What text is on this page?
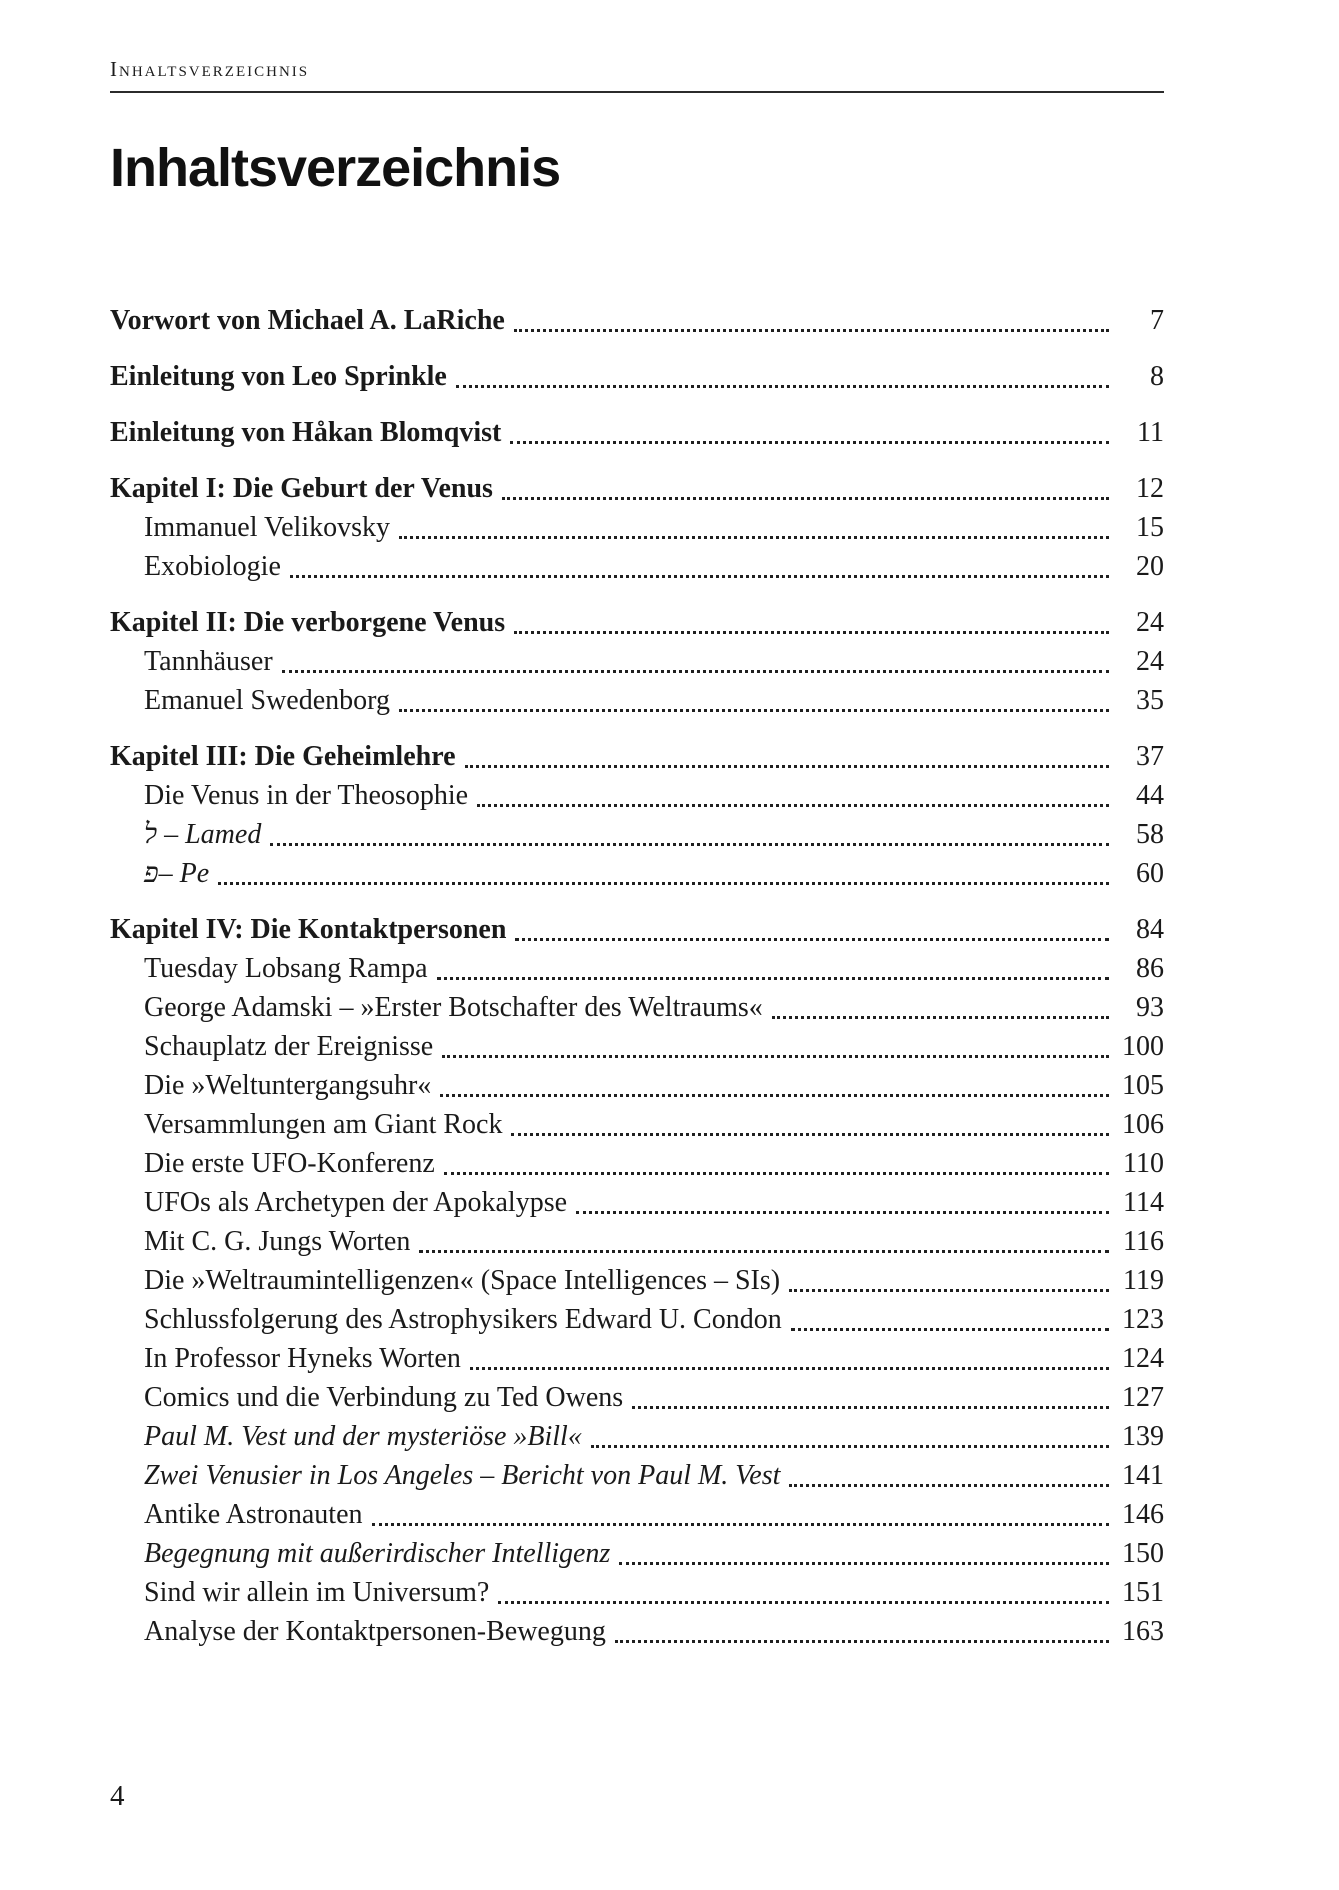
Inhaltsverzeichnis
Inhaltsverzeichnis
Vorwort von Michael A. LaRiche	7
Einleitung von Leo Sprinkle	8
Einleitung von Håkan Blomqvist	11
Kapitel I: Die Geburt der Venus	12
Immanuel Velikovsky	15
Exobiologie	20
Kapitel II: Die verborgene Venus	24
Tannhäuser	24
Emanuel Swedenborg	35
Kapitel III: Die Geheimlehre	37
Die Venus in der Theosophie	44
ל – Lamed	58
פ– Pe	60
Kapitel IV: Die Kontaktpersonen	84
Tuesday Lobsang Rampa	86
George Adamski – »Erster Botschafter des Weltraums«	93
Schauplatz der Ereignisse	100
Die »Weltuntergangsuhr«	105
Versammlungen am Giant Rock	106
Die erste UFO-Konferenz	110
UFOs als Archetypen der Apokalypse	114
Mit C. G. Jungs Worten	116
Die »Weltraumintelligenzen« (Space Intelligences – SIs)	119
Schlussfolgerung des Astrophysikers Edward U. Condon	123
In Professor Hyneks Worten	124
Comics und die Verbindung zu Ted Owens	127
Paul M. Vest und der mysteriöse »Bill«	139
Zwei Venusier in Los Angeles – Bericht von Paul M. Vest	141
Antike Astronauten	146
Begegnung mit außerirdischer Intelligenz	150
Sind wir allein im Universum?	151
Analyse der Kontaktpersonen-Bewegung	163
4
